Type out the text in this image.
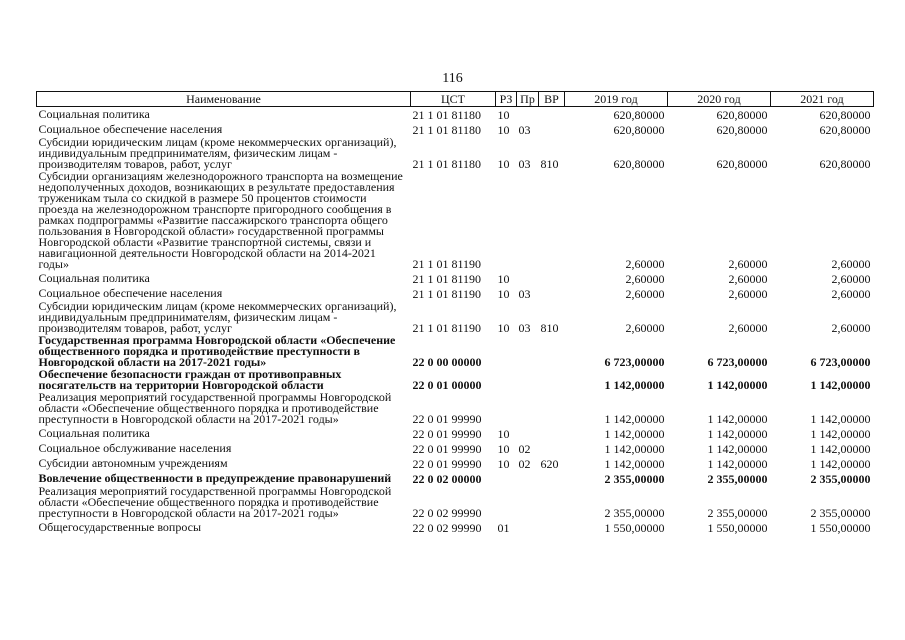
116
Наименование	ЦСТ	РЗ	Пр	ВР	2019 год	2020 год	2021 год
Социальная политика	21 1 01 81180	10			620,80000	620,80000	620,80000
Социальное обеспечение населения	21 1 01 81180	10	03		620,80000	620,80000	620,80000
Субсидии юридическим лицам (кроме некоммерческих организаций), индивидуальным предпринимателям, физическим лицам - производителям товаров, работ, услуг	21 1 01 81180	10	03	810	620,80000	620,80000	620,80000
Субсидии организациям железнодорожного транспорта на возмещение недополученных доходов, возникающих в результате предоставления труженикам тыла со скидкой в размере 50 процентов стоимости проезда на железнодорожном транспорте пригородного сообщения в рамках подпрограммы «Развитие пассажирского транспорта общего пользования в Новгородской области» государственной программы Новгородской области «Развитие транспортной системы, связи и навигационной деятельности Новгородской области на 2014-2021 годы»	21 1 01 81190				2,60000	2,60000	2,60000
Социальная политика	21 1 01 81190	10			2,60000	2,60000	2,60000
Социальное обеспечение населения	21 1 01 81190	10	03		2,60000	2,60000	2,60000
Субсидии юридическим лицам (кроме некоммерческих организаций), индивидуальным предпринимателям, физическим лицам - производителям товаров, работ, услуг	21 1 01 81190	10	03	810	2,60000	2,60000	2,60000
Государственная программа Новгородской области «Обеспечение общественного порядка и противодействие преступности в Новгородской области на 2017-2021 годы»	22 0 00 00000				6 723,00000	6 723,00000	6 723,00000
Обеспечение безопасности граждан от противоправных посягательств на территории Новгородской области	22 0 01 00000				1 142,00000	1 142,00000	1 142,00000
Реализация мероприятий государственной программы Новгородской области «Обеспечение общественного порядка и противодействие преступности в Новгородской области на 2017-2021 годы»	22 0 01 99990				1 142,00000	1 142,00000	1 142,00000
Социальная политика	22 0 01 99990	10			1 142,00000	1 142,00000	1 142,00000
Социальное обслуживание населения	22 0 01 99990	10	02		1 142,00000	1 142,00000	1 142,00000
Субсидии автономным учреждениям	22 0 01 99990	10	02	620	1 142,00000	1 142,00000	1 142,00000
Вовлечение общественности в предупреждение правонарушений	22 0 02 00000				2 355,00000	2 355,00000	2 355,00000
Реализация мероприятий государственной программы Новгородской области «Обеспечение общественного порядка и противодействие преступности в Новгородской области на 2017-2021 годы»	22 0 02 99990				2 355,00000	2 355,00000	2 355,00000
Общегосударственные вопросы	22 0 02 99990	01			1 550,00000	1 550,00000	1 550,00000
